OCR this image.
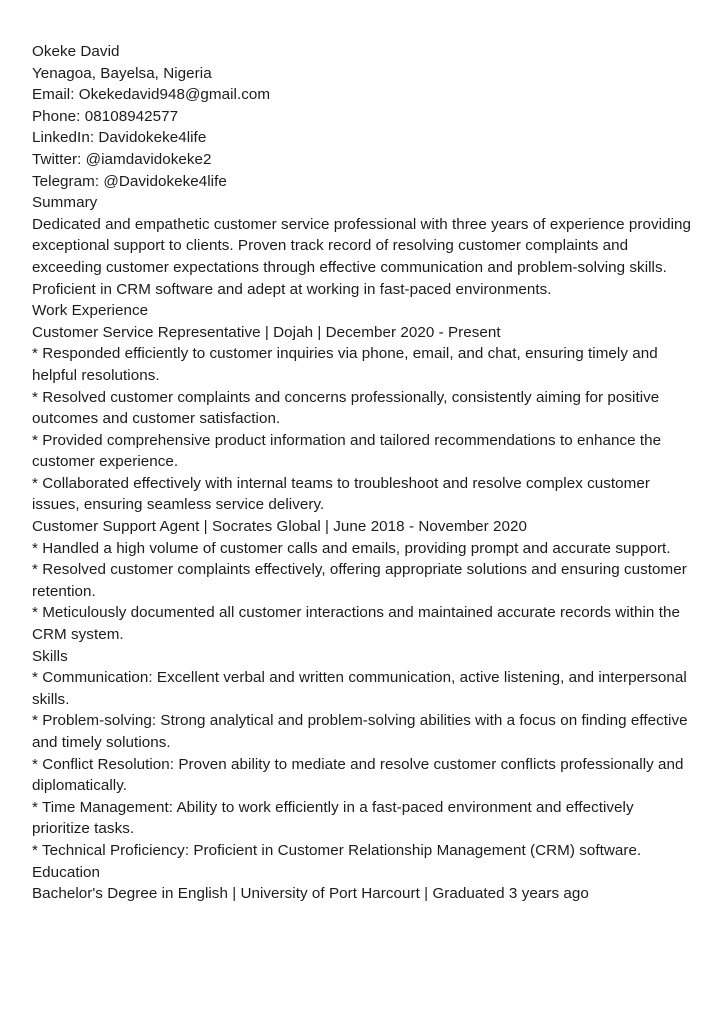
Okeke David
Yenagoa, Bayelsa, Nigeria
Email: Okekedavid948@gmail.com
Phone: 08108942577
LinkedIn: Davidokeke4life
Twitter: @iamdavidokeke2
Telegram: @Davidokeke4life
Summary
Dedicated and empathetic customer service professional with three years of experience providing exceptional support to clients. Proven track record of resolving customer complaints and exceeding customer expectations through effective communication and problem-solving skills. Proficient in CRM software and adept at working in fast-paced environments.
Work Experience
Customer Service Representative | Dojah | December 2020 - Present
* Responded efficiently to customer inquiries via phone, email, and chat, ensuring timely and helpful resolutions.
* Resolved customer complaints and concerns professionally, consistently aiming for positive outcomes and customer satisfaction.
* Provided comprehensive product information and tailored recommendations to enhance the customer experience.
* Collaborated effectively with internal teams to troubleshoot and resolve complex customer issues, ensuring seamless service delivery.
Customer Support Agent | Socrates Global | June 2018 - November 2020
* Handled a high volume of customer calls and emails, providing prompt and accurate support.
* Resolved customer complaints effectively, offering appropriate solutions and ensuring customer retention.
* Meticulously documented all customer interactions and maintained accurate records within the CRM system.
Skills
* Communication: Excellent verbal and written communication, active listening, and interpersonal skills.
* Problem-solving: Strong analytical and problem-solving abilities with a focus on finding effective and timely solutions.
* Conflict Resolution: Proven ability to mediate and resolve customer conflicts professionally and diplomatically.
* Time Management: Ability to work efficiently in a fast-paced environment and effectively prioritize tasks.
* Technical Proficiency: Proficient in Customer Relationship Management (CRM) software.
Education
Bachelor's Degree in English | University of Port Harcourt | Graduated 3 years ago
